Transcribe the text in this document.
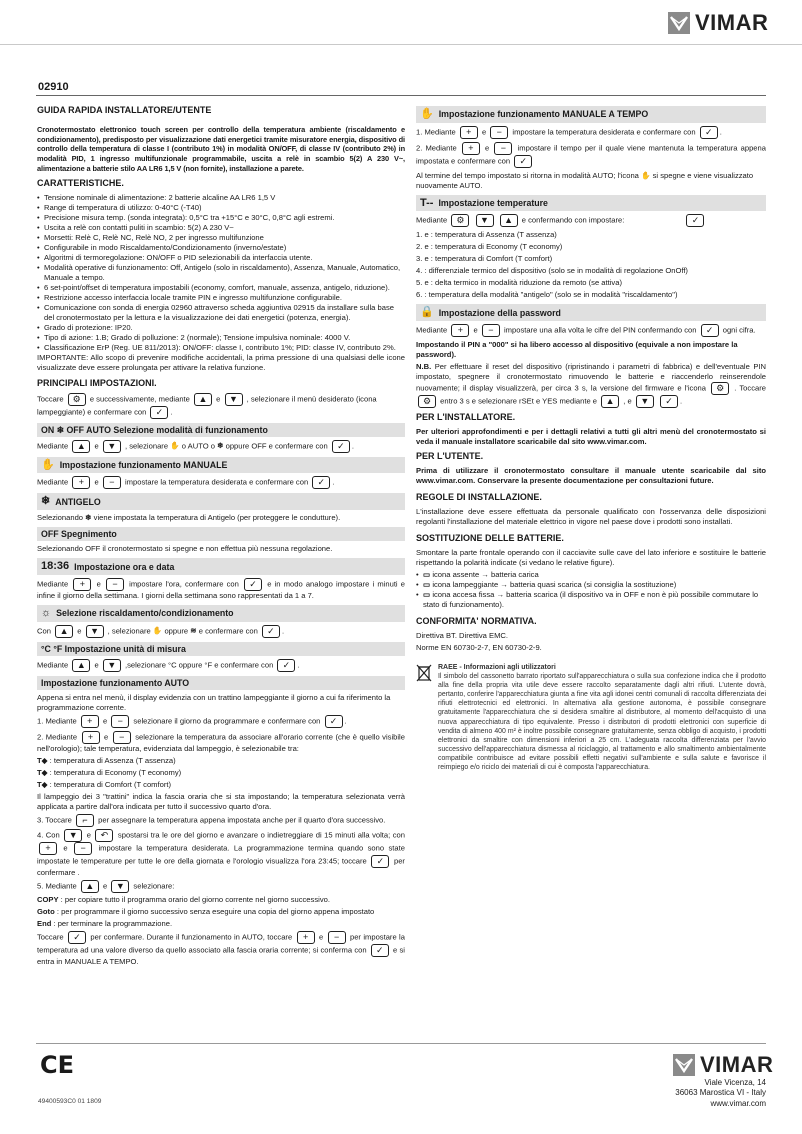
VIMAR
02910
GUIDA RAPIDA INSTALLATORE/UTENTE

Cronotermostato elettronico touch screen per controllo della temperatura ambiente (riscaldamento e condizionamento), predisposto per visualizzazione dati energetici tramite misuratore energia, dispositivo di controllo della temperatura di classe I (contributo 1%) in modalità ON/OFF, di classe IV (contributo 2%) in modalità PID, 1 ingresso multifunzionale programmabile, uscita a relè in scambio 5(2) A 230 V~, alimentazione a batterie stilo AA LR6 1,5 V (non fornite), installazione a parete.

CARATTERISTICHE.
• Tensione nominale di alimentazione: 2 batterie alcaline AA LR6 1,5 V
• Range di temperatura di utilizzo: 0-40°C (-T40)
• Precisione misura temp. (sonda integrata): 0,5°C tra +15°C e 30°C, 0,8°C agli estremi.
• Uscita a relè con contatti puliti in scambio: 5(2) A 230 V~
• Morsetti: Relè C, Relè NC, Relè NO, 2 per ingresso multifunzione
• Configurabile in modo Riscaldamento/Condizionamento (inverno/estate)
• Algoritmi di termoregolazione: ON/OFF o PID selezionabili da interfaccia utente.
• Modalità operative di funzionamento: Off, Antigelo (solo in riscaldamento), Assenza, Manuale, Automatico, Manuale a tempo.
• 6 set-point/offset di temperatura impostabili (economy, comfort, manuale, assenza, antigelo, riduzione).
• Restrizione accesso interfaccia locale tramite PIN e ingresso multifunzione configurabile.
• Comunicazione con sonda di energia 02960 attraverso scheda aggiuntiva 02915 da installare sulla base del cronotermostato per la lettura e la visualizzazione dei dati energetici (potenza, energia).
• Grado di protezione: IP20.
• Tipo di azione: 1.B; Grado di polluzione: 2 (normale); Tensione impulsiva nominale: 4000 V.
• Classificazione ErP (Reg. UE 811/2013): ON/OFF: classe I, contributo 1%; PID: classe IV, contributo 2%.

IMPORTANTE: Allo scopo di prevenire modifiche accidentali, la prima pressione di una qualsiasi delle icone visualizzate deve essere prolungata per attivare la relativa funzione.

PRINCIPALI IMPOSTAZIONI.

Toccare ⚙ e successivamente, mediante ▲ e ▼ , selezionare il menù desiderato (icona lampeggiante) e confermare con ✓ .

ON ❄ OFF AUTO Selezione modalità di funzionamento

Mediante ▲ e ▼ , selezionare ✋ o AUTO o ❄ oppure OFF e confermare con ✓ .

✋ Impostazione funzionamento MANUALE

Mediante + e − impostare la temperatura desiderata e confermare con ✓ .

❄ ANTIGELO

Selezionando ❄ viene impostata la temperatura di Antigelo (per proteggere le condutture).

OFF Spegnimento

Selezionando OFF il cronotermostato si spegne e non effettua più nessuna regolazione.

18:36 Impostazione ora e data

Mediante + e − impostare l'ora, confermare con ✓ e in modo analogo impostare i minuti e infine il giorno della settimana. I giorni della settimana sono rappresentati da 1 a 7.

☼ Selezione riscaldamento/condizionamento

Con ▲ e ▼ , selezionare ✋ oppure ≋ e confermare con ✓ .

°C °F Impostazione unità di misura

Mediante ▲ e ▼ ,selezionare °C oppure °F e confermare con ✓ .

Impostazione funzionamento AUTO

Appena si entra nel menù, il display evidenzia con un trattino lampeggiante il giorno a cui fa riferimento la programmazione corrente.

1. Mediante + e − selezionare il giorno da programmare e confermare con ✓ .

2. Mediante + e − selezionare la temperatura da associare all'orario corrente (che è quello visibile nell'orologio); tale temperatura, evidenziata dal lampeggio, è selezionabile tra:

T◆ : temperatura di Assenza (T assenza)

T◆ : temperatura di Economy (T economy)

T◆ : temperatura di Comfort (T comfort)

Il lampeggio dei 3 "trattini" indica la fascia oraria che si sta impostando; la temperatura selezionata verrà applicata a partire dall'ora indicata per tutto il successivo quarto d'ora.

3. Toccare ⌐ per assegnare la temperatura appena impostata anche per il quarto d'ora successivo.

4. Con ▼ e ↶ spostarsi tra le ore del giorno e avanzare o indietreggiare di 15 minuti alla volta; con + e − impostare la temperatura desiderata. La programmazione termina quando sono state impostate le temperature per tutte le ore della giornata e l'orologio visualizza l'ora 23:45; toccare ✓ per confermare .

5. Mediante ▲ e ▼ selezionare:

COPY : per copiare tutto il programma orario del giorno corrente nel giorno successivo.

Goto : per programmare il giorno successivo senza eseguire una copia del giorno appena impostato

End : per terminare la programmazione.

Toccare ✓ per confermare. Durante il funzionamento in AUTO, toccare + e − per impostare la temperatura ad una valore diverso da quello associato alla fascia oraria corrente; si conferma con ✓ e si entra in MANUALE A TEMPO.

✋ Impostazione funzionamento MANUALE A TEMPO

1. Mediante + e − impostare la temperatura desiderata e confermare con ✓ .

2. Mediante + e − impostare il tempo per il quale viene mantenuta la temperatura appena impostata e confermare con ✓

Al termine del tempo impostato si ritorna in modalità AUTO; l'icona ✋ si spegne e viene visualizzato nuovamente AUTO.

T-- Impostazione temperature

Mediante ⚙ ▼ ▲ e confermando con impostare:	✓

1. e : temperatura di Assenza (T assenza)

2. e : temperatura di Economy (T economy)

3. e : temperatura di Comfort (T comfort)

4. : differenziale termico del dispositivo (solo se in modalità di regolazione OnOff)

5. e : delta termico in modalità riduzione da remoto (se attiva)

6. : temperatura della modalità "antigelo" (solo se in modalità "riscaldamento")

🔒 Impostazione della password

Mediante + e − impostare una alla volta le cifre del PIN confermando con ✓ ogni cifra.

Impostando il PIN a "000" si ha libero accesso al dispositivo (equivale a non impostare la password).

N.B. Per effettuare il reset del dispositivo (ripristinando i parametri di fabbrica) e dell'eventuale PIN impostato, spegnere il cronotermostato rimuovendo le batterie e riaccenderlo reinserendole nuovamente; il display visualizzerà, per circa 3 s, la versione del firmware e l'icona ⚙ . Toccare ⚙ entro 3 s e selezionare rSEt e YES mediante e ▲ , e ▼ ✓ .

PER L'INSTALLATORE.

Per ulteriori approfondimenti e per i dettagli relativi a tutti gli altri menù del cronotermostato si veda il manuale installatore scaricabile dal sito www.vimar.com.

PER L'UTENTE.

Prima di utilizzare il cronotermostato consultare il manuale utente scaricabile dal sito www.vimar.com. Conservare la presente documentazione per consultazioni future.

REGOLE DI INSTALLAZIONE.

L'installazione deve essere effettuata da personale qualificato con l'osservanza delle disposizioni regolanti l'installazione del materiale elettrico in vigore nel paese dove i prodotti sono installati.

SOSTITUZIONE DELLE BATTERIE.

Smontare la parte frontale operando con il cacciavite sulle cave del lato inferiore e sostituire le batterie rispettando la polarità indicate (si vedano le relative figure).

• ▭ icona assente → batteria carica
• ▭ icona lampeggiante → batteria quasi scarica (si consiglia la sostituzione)
• ▭ icona accesa fissa → batteria scarica (il dispositivo va in OFF e non è più possibile commutare lo stato di funzionamento).
CONFORMITA' NORMATIVA.

Direttiva BT. Direttiva EMC.

Norme EN 60730-2-7, EN 60730-2-9.

RAEE - Informazioni agli utilizzatori
Il simbolo del cassonetto barrato riportato sull'apparecchiatura o sulla sua confezione indica che il prodotto alla fine della propria vita utile deve essere raccolto separatamente dagli altri rifiuti. L'utente dovrà, pertanto, conferire l'apparecchiatura giunta a fine vita agli idonei centri comunali di raccolta differenziata dei rifiuti elettrotecnici ed elettronici. In alternativa alla gestione autonoma, è possibile consegnare gratuitamente l'apparecchiatura che si desidera smaltire al distributore, al momento dell'acquisto di una nuova apparecchiatura di tipo equivalente. Presso i distributori di prodotti elettronici con superficie di vendita di almeno 400 m² è inoltre possibile consegnare gratuitamente, senza obbligo di acquisto, i prodotti elettronici da smaltire con dimensioni inferiori a 25 cm. L'adeguata raccolta differenziata per l'avvio successivo dell'apparecchiatura dismessa al riciclaggio, al trattamento e allo smaltimento ambientalmente compatibile contribuisce ad evitare possibili effetti negativi sull'ambiente e sulla salute e favorisce il reimpiego e/o riciclo dei materiali di cui è composta l'apparecchiatura.
CE
49400593C0 01 1809
VIMAR
Viale Vicenza, 14
36063 Marostica VI - Italy
www.vimar.com
